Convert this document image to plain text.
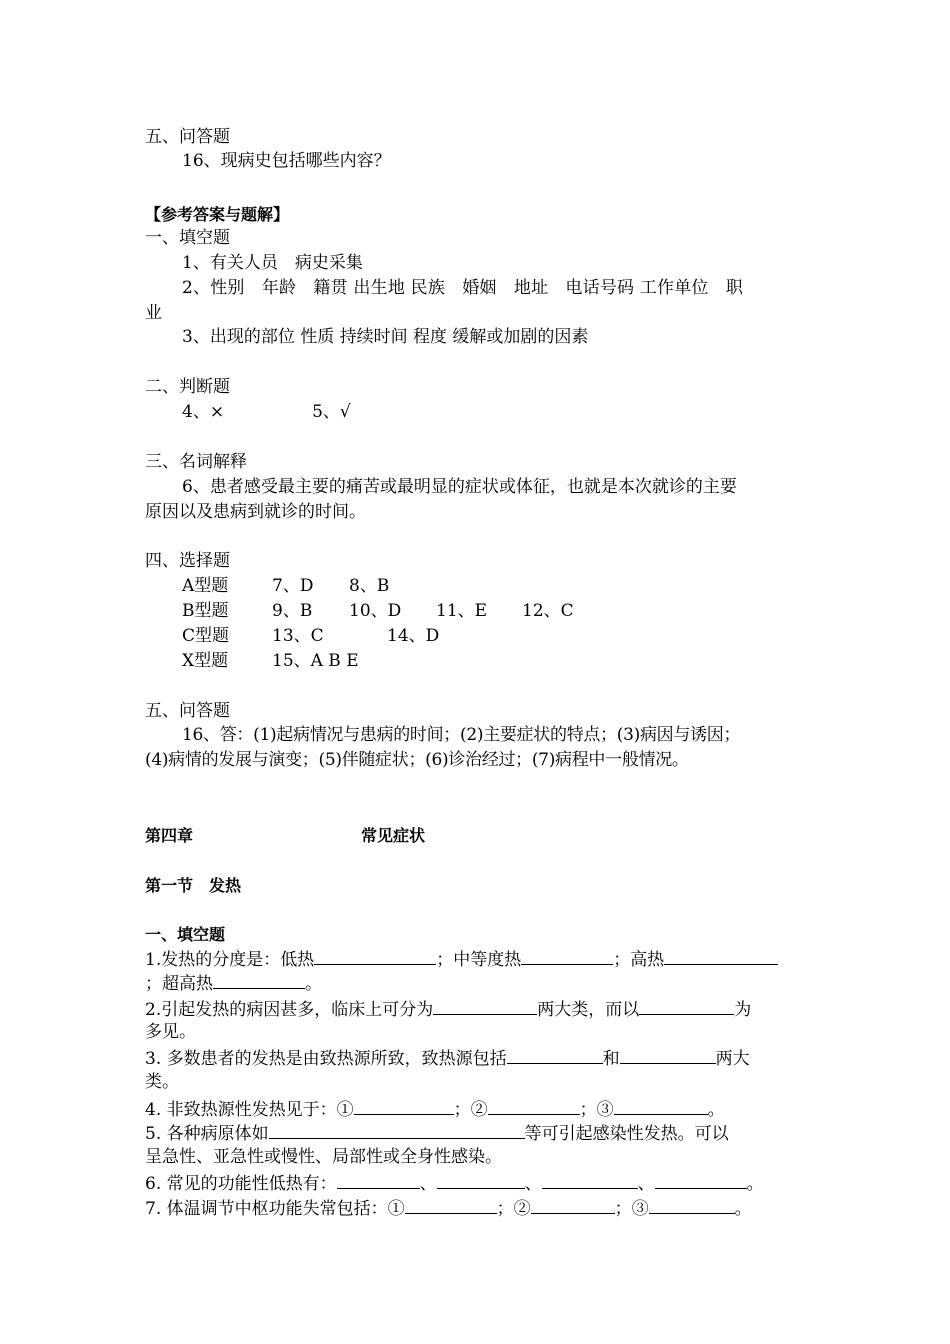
五、问答题
16、现病史包括哪些内容？
【参考答案与题解】
一、填空题
1、有关人员　病史采集
2、性别　年龄　籍贯 出生地 民族　婚姻　地址　电话号码 工作单位　职
业
3、出现的部位 性质 持续时间 程度 缓解或加剧的因素
二、判断题
4、×	5、√
三、名词解释
6、患者感受最主要的痛苦或最明显的症状或体征，也就是本次就诊的主要
原因以及患病到就诊的时间。
四、选择题
A型题	7、D 8、B
B型题	9、B 10、D 11、E 12、C
C型题	13、C	14、D
X型题	15、A B E
五、问答题
16、答：(1)起病情况与患病的时间；(2)主要症状的特点；(3)病因与诱因；
(4)病情的发展与演变；(5)伴随症状；(6)诊治经过；(7)病程中一般情况。
第四章	常见症状
第一节　发热
一、填空题
1.发热的分度是：低热	；中等度热	；高热
；超高热	。
2.引起发热的病因甚多，临床上可分为	两大类，而以	为
多见。
3. 多数患者的发热是由致热源所致，致热源包括	和	两大
类。
4. 非致热源性发热见于：①	；②	；③	。
5. 各种病原体如	等可引起感染性发热。可以
呈急性、亚急性或慢性、局部性或全身性感染。
6. 常见的功能性低热有：	、	、	、	。
7. 体温调节中枢功能失常包括：①	；②	；③	。
